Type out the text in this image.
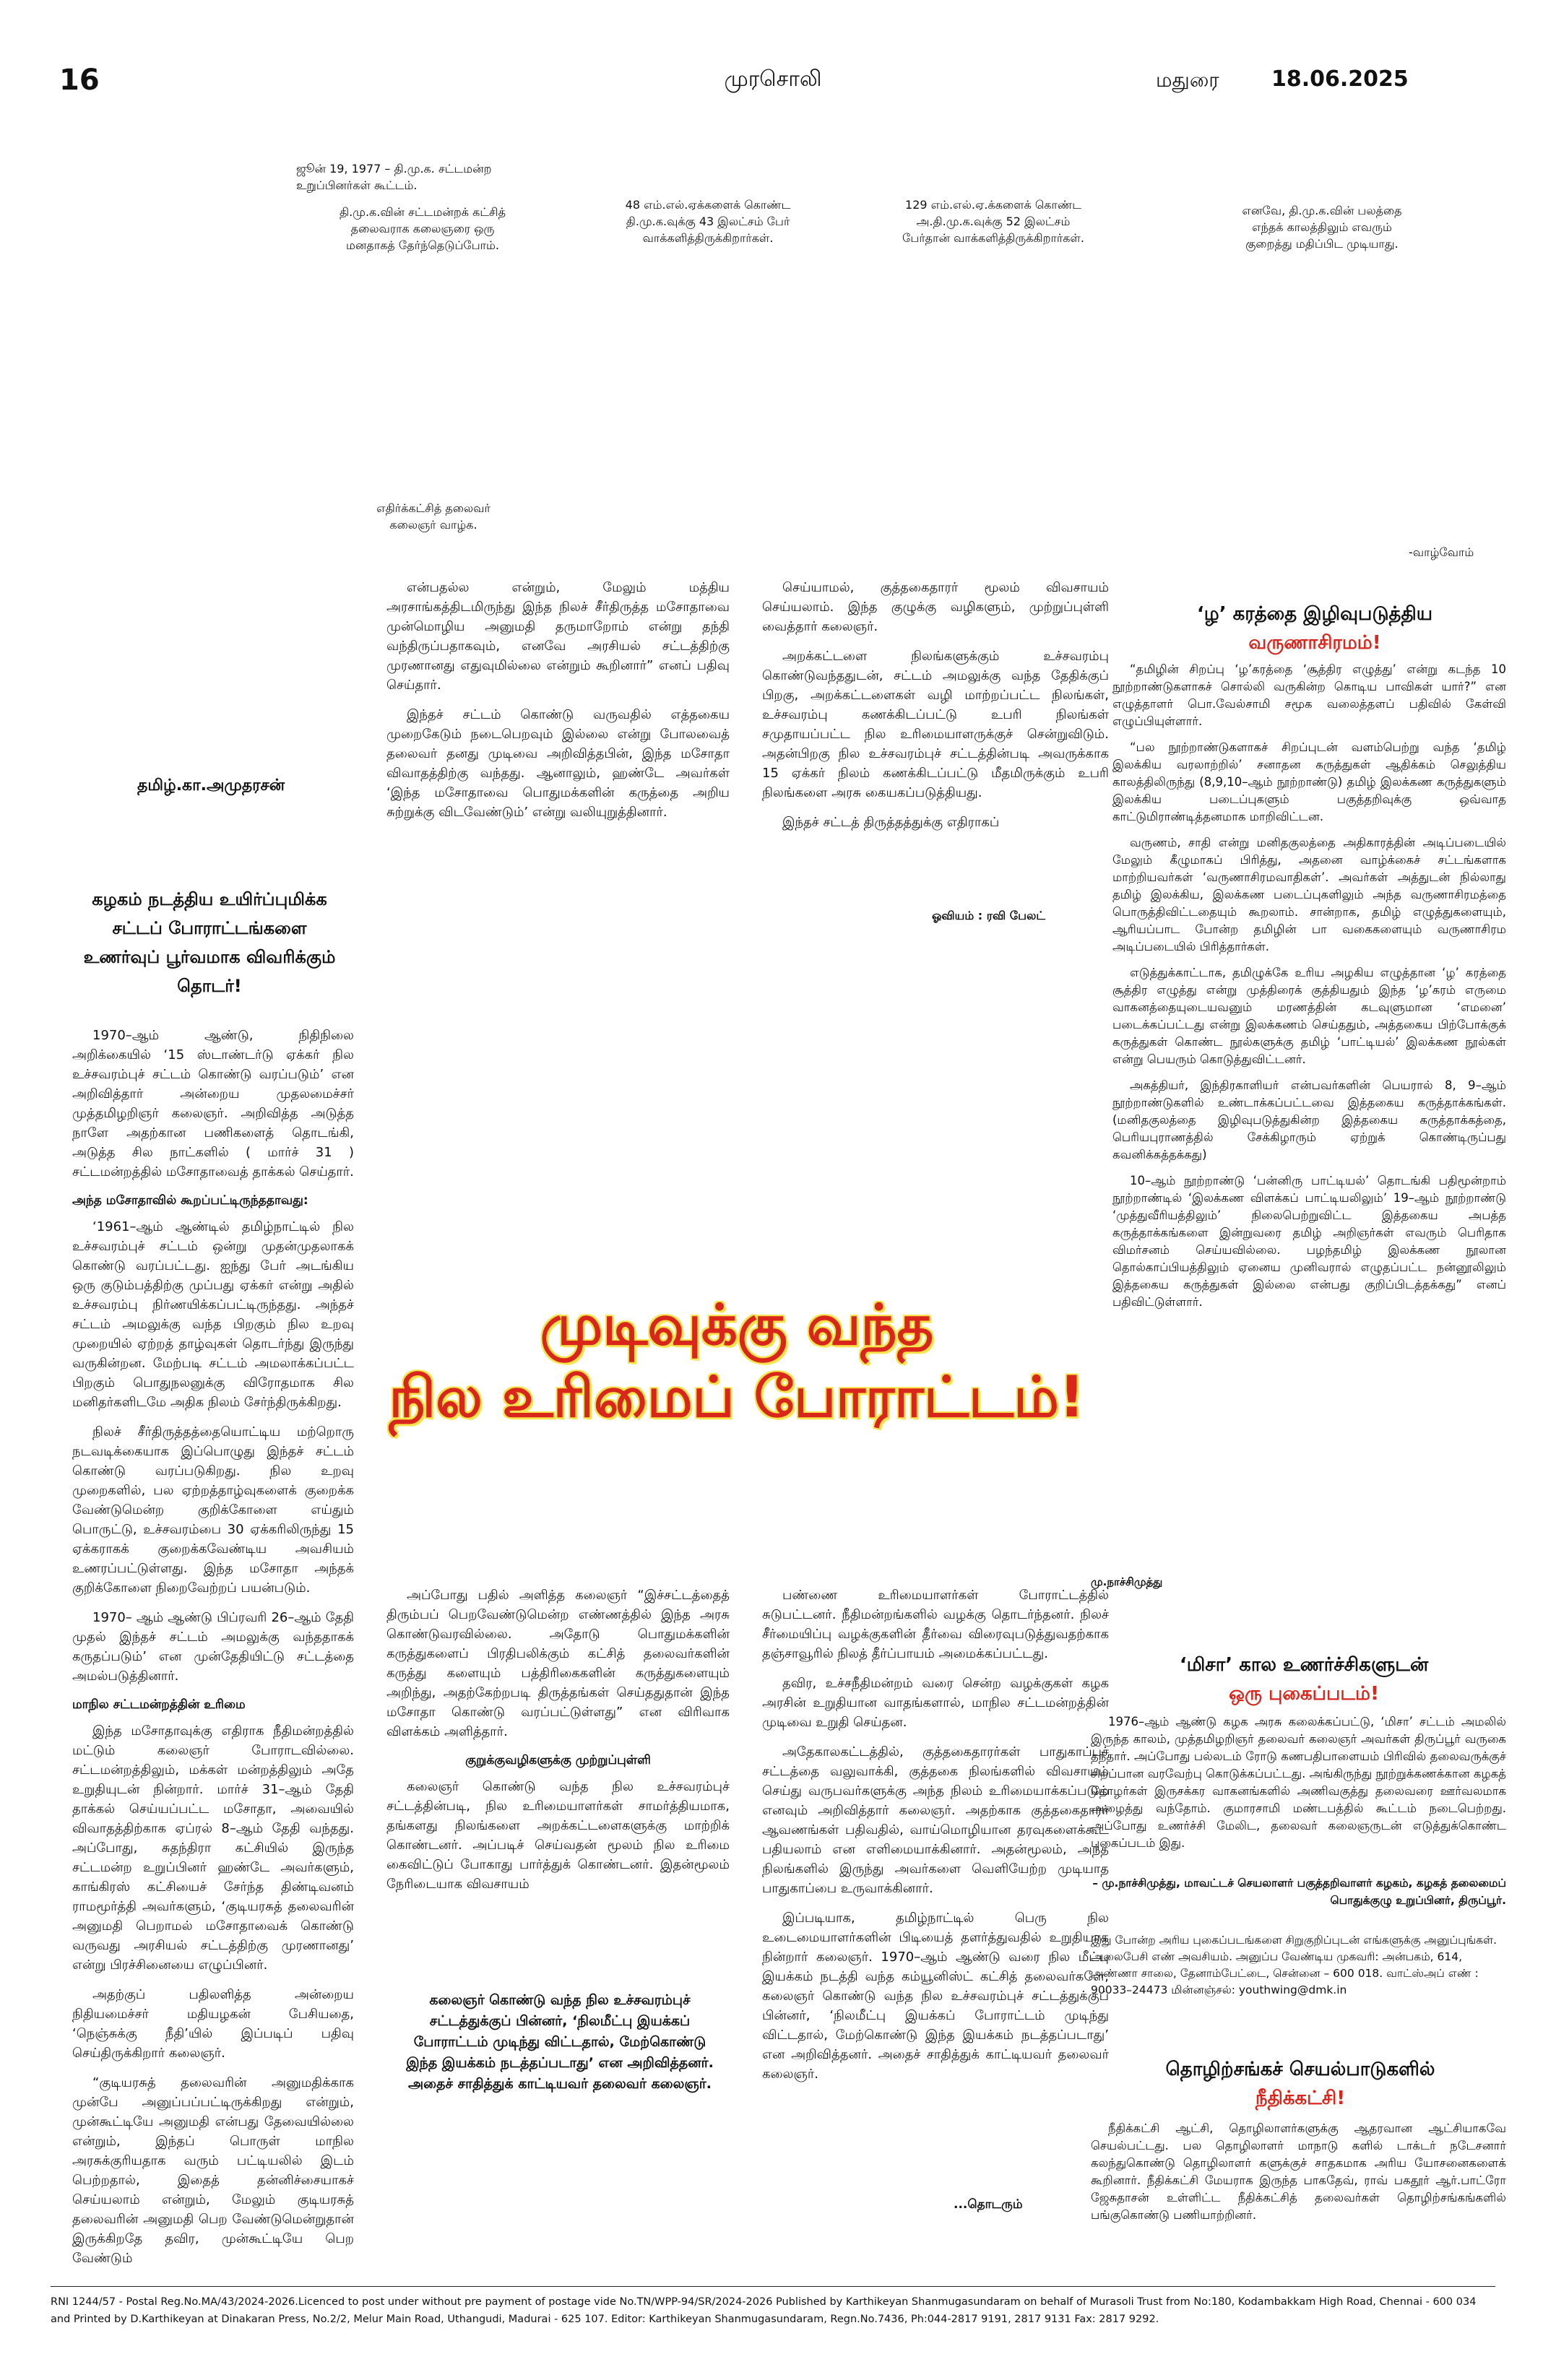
16	முரசொலி	மதுரை 18.06.2025
ஜூன் 19, 1977 – தி.மு.க. சட்டமன்ற உறுப்பினர்கள் கூட்டம்.
தி.மு.க.வின் சட்டமன்றக் கட்சித் தலைவராக கலைஞரை ஒரு மனதாகத் தேர்ந்தெடுப்போம்.
48 எம்.எல்.ஏக்களைக் கொண்ட தி.மு.க.வுக்கு 43 இலட்சம் பேர் வாக்களித்திருக்கிறார்கள்.
129 எம்.எல்.ஏ.க்களைக் கொண்ட அ.தி.மு.க.வுக்கு 52 இலட்சம் பேர்தான் வாக்களித்திருக்கிறார்கள்.
எனவே, தி.மு.க.வின் பலத்தை எந்தக் காலத்திலும் எவரும் குறைத்து மதிப்பிட முடியாது.
எதிர்க்கட்சித் தலைவர் கலைஞர் வாழ்க.
-வாழ்வோம்
தமிழ்.கா.அமுதரசன்
கழகம் நடத்திய உயிர்ப்புமிக்க சட்டப் போராட்டங்களை உணர்வுப் பூர்வமாக விவரிக்கும் தொடர்!

1970–ஆம் ஆண்டு, நிதிநிலை அறிக்கையில் ‘15 ஸ்டாண்டர்டு ஏக்கர் நில உச்சவரம்புச் சட்டம் கொண்டு வரப்படும்’ என அறிவித்தார் அன்றைய முதலமைச்சர் முத்தமிழறிஞர் கலைஞர். அறிவித்த அடுத்த நாளே அதற்கான பணிகளைத் தொடங்கி, அடுத்த சில நாட்களில் ( மார்ச் 31 ) சட்டமன்றத்தில் மசோதாவைத் தாக்கல் செய்தார்.

அந்த மசோதாவில் கூறப்பட்டிருந்ததாவது:

‘1961–ஆம் ஆண்டில் தமிழ்நாட்டில் நில உச்சவரம்புச் சட்டம் ஒன்று முதன்முதலாகக் கொண்டு வரப்பட்டது. ஐந்து பேர் அடங்கிய ஒரு குடும்பத்திற்கு முப்பது ஏக்கர் என்று அதில் உச்சவரம்பு நிர்ணயிக்கப்பட்டிருந்தது. அந்தச் சட்டம் அமலுக்கு வந்த பிறகும் நில உறவு முறையில் ஏற்றத் தாழ்வுகள் தொடர்ந்து இருந்து வருகின்றன. மேற்படி சட்டம் அமலாக்கப்பட்ட பிறகும் பொதுநலனுக்கு விரோதமாக சில மனிதர்களிடமே அதிக நிலம் சேர்ந்திருக்கிறது.

நிலச் சீர்திருத்தத்தையொட்டிய மற்றொரு நடவடிக்கையாக இப்பொழுது இந்தச் சட்டம் கொண்டு வரப்படுகிறது. நில உறவு முறைகளில், பல ஏற்றத்தாழ்வுகளைக் குறைக்க வேண்டுமென்ற குறிக்கோளை எய்தும் பொருட்டு, உச்சவரம்பை 30 ஏக்கரிலிருந்து 15 ஏக்கராகக் குறைக்கவேண்டிய அவசியம் உணரப்பட்டுள்ளது. இந்த மசோதா அந்தக் குறிக்கோளை நிறைவேற்றப் பயன்படும்.

1970– ஆம் ஆண்டு பிப்ரவரி 26–ஆம் தேதி முதல் இந்தச் சட்டம் அமலுக்கு வந்ததாகக் கருதப்படும்’ என முன்தேதியிட்டு சட்டத்தை அமல்படுத்தினார்.

மாநில சட்டமன்றத்தின் உரிமை

இந்த மசோதாவுக்கு எதிராக நீதிமன்றத்தில் மட்டும் கலைஞர் போராடவில்லை. சட்டமன்றத்திலும், மக்கள் மன்றத்திலும் அதே உறுதியுடன் நின்றார். மார்ச் 31–ஆம் தேதி தாக்கல் செய்யப்பட்ட மசோதா, அவையில் விவாதத்திற்காக ஏப்ரல் 8–ஆம் தேதி வந்தது. அப்போது, சுதந்திரா கட்சியில் இருந்த சட்டமன்ற உறுப்பினர் ஹண்டே அவர்களும், காங்கிரஸ் கட்சியைச் சேர்ந்த திண்டிவனம் ராமமூர்த்தி அவர்களும், ‘குடியரசுத் தலைவரின் அனுமதி பெறாமல் மசோதாவைக் கொண்டு வருவது அரசியல் சட்டத்திற்கு முரணானது’ என்று பிரச்சினையை எழுப்பினர்.

அதற்குப் பதிலளித்த அன்றைய நிதியமைச்சர் மதியழகன் பேசியதை, ‘நெஞ்சுக்கு நீதி’யில் இப்படிப் பதிவு செய்திருக்கிறார் கலைஞர்.

“குடியரசுத் தலைவரின் அனுமதிக்காக முன்பே அனுப்பப்பட்டிருக்கிறது என்றும், முன்கூட்டியே அனுமதி என்பது தேவையில்லை என்றும், இந்தப் பொருள் மாநில அரசுக்குரியதாக வரும் பட்டியலில் இடம் பெற்றதால், இதைத் தன்னிச்சையாகச் செய்யலாம் என்றும், மேலும் குடியரசுத் தலைவரின் அனுமதி பெற வேண்டுமென்றுதான் இருக்கிறதே தவிர, முன்கூட்டியே பெற வேண்டும்

என்பதல்ல என்றும், மேலும் மத்திய அரசாங்கத்திடமிருந்து இந்த நிலச் சீர்திருத்த மசோதாவை முன்மொழிய அனுமதி தருமாறோம் என்று தந்தி வந்திருப்பதாகவும், எனவே அரசியல் சட்டத்திற்கு முரணானது எதுவுமில்லை என்றும் கூறினார்” எனப் பதிவு செய்தார்.

இந்தச் சட்டம் கொண்டு வருவதில் எத்தகைய முறைகேடும் நடைபெறவும் இல்லை என்று போலவைத் தலைவர் தனது முடிவை அறிவித்தபின், இந்த மசோதா விவாதத்திற்கு வந்தது. ஆனாலும், ஹண்டே அவர்கள் ‘இந்த மசோதாவை பொதுமக்களின் கருத்தை அறிய சுற்றுக்கு விடவேண்டும்’ என்று வலியுறுத்தினார்.

செய்யாமல், குத்தகைதாரர் மூலம் விவசாயம் செய்யலாம். இந்த குழுக்கு வழிகளும், முற்றுப்புள்ளி வைத்தார் கலைஞர்.

அறக்கட்டளை நிலங்களுக்கும் உச்சவரம்பு கொண்டுவந்ததுடன், சட்டம் அமலுக்கு வந்த தேதிக்குப் பிறகு, அறக்கட்டளைகள் வழி மாற்றப்பட்ட நிலங்கள், உச்சவரம்பு கணக்கிடப்பட்டு உபரி நிலங்கள் சமுதாயப்பட்ட நில உரிமையாளருக்குச் சென்றுவிடும். அதன்பிறகு நில உச்சவரம்புச் சட்டத்தின்படி அவருக்காக 15 ஏக்கர் நிலம் கணக்கிடப்பட்டு மீதமிருக்கும் உபரி நிலங்களை அரசு கையகப்படுத்தியது.

இந்தச் சட்டத் திருத்தத்துக்கு எதிராகப்

ஓவியம் : ரவி பேலட்
முடிவுக்கு வந்த
நில உரிமைப் போராட்டம்!

அப்போது பதில் அளித்த கலைஞர் “இச்சட்டத்தைத் திரும்பப் பெறவேண்டுமென்ற எண்ணத்தில் இந்த அரசு கொண்டுவரவில்லை. அதோடு பொதுமக்களின் கருத்துகளைப் பிரதிபலிக்கும் கட்சித் தலைவர்களின் கருத்து களையும் பத்திரிகைகளின் கருத்துகளையும் அறிந்து, அதற்கேற்றபடி திருத்தங்கள் செய்ததுதான் இந்த மசோதா கொண்டு வரப்பட்டுள்ளது” என விரிவாக விளக்கம் அளித்தார்.

குறுக்குவழிகளுக்கு முற்றுப்புள்ளி

கலைஞர் கொண்டு வந்த நில உச்சவரம்புச் சட்டத்தின்படி, நில உரிமையாளர்கள் சாமர்த்தியமாக, தங்களது நிலங்களை அறக்கட்டளைகளுக்கு மாற்றிக் கொண்டனர். அப்படிச் செய்வதன் மூலம் நில உரிமை கைவிட்டுப் போகாது பார்த்துக் கொண்டனர். இதன்மூலம் நேரிடையாக விவசாயம்

கலைஞர் கொண்டு வந்த நில உச்சவரம்புச் சட்டத்துக்குப் பின்னர், ‘நிலமீட்பு இயக்கப் போராட்டம் முடிந்து விட்டதால், மேற்கொண்டு இந்த இயக்கம் நடத்தப்படாது’ என அறிவித்தனர். அதைச் சாதித்துக் காட்டியவர் தலைவர் கலைஞர்.

பண்ணை உரிமையாளர்கள் போராட்டத்தில் சுடுபட்டனர். நீதிமன்றங்களில் வழக்கு தொடர்ந்தனர். நிலச் சீர்மையிப்பு வழக்குகளின் தீர்வை விரைவுபடுத்துவதற்காக தஞ்சாவூரில் நிலத் தீர்ப்பாயம் அமைக்கப்பட்டது.

தவிர, உச்சநீதிமன்றம் வரை சென்ற வழக்குகள் கழக அரசின் உறுதியான வாதங்களால், மாநில சட்டமன்றத்தின் முடிவை உறுதி செய்தன.

அதேகாலகட்டத்தில், குத்தகைதாரர்கள் பாதுகாப்புச் சட்டத்தை வலுவாக்கி, குத்தகை நிலங்களில் விவசாயம் செய்து வருபவர்களுக்கு அந்த நிலம் உரிமையாக்கப்படும் எனவும் அறிவித்தார் கலைஞர். அதற்காக குத்தகைதாரர் ஆவணங்கள் பதிவதில், வாய்மொழியான தரவுகளைக்கூட பதியலாம் என எளிமையாக்கினார். அதன்மூலம், அந்த நிலங்களில் இருந்து அவர்களை வெளியேற்ற முடியாத பாதுகாப்பை உருவாக்கினார்.

இப்படியாக, தமிழ்நாட்டில் பெரு நில உடைமையாளர்களின் பிடியைத் தளர்த்துவதில் உறுதியாக நின்றார் கலைஞர். 1970–ஆம் ஆண்டு வரை நில மீட்பு இயக்கம் நடத்தி வந்த கம்யூனிஸ்ட் கட்சித் தலைவர்களே, கலைஞர் கொண்டு வந்த நில உச்சவரம்புச் சட்டத்துக்குப் பின்னர், ‘நிலமீட்பு இயக்கப் போராட்டம் முடிந்து விட்டதால், மேற்கொண்டு இந்த இயக்கம் நடத்தப்படாது’ என அறிவித்தனர். அதைச் சாதித்துக் காட்டியவர் தலைவர் கலைஞர்.

...தொடரும்
‘ழ’ கரத்தை இழிவுபடுத்திய
வருணாசிரமம்!

“தமிழின் சிறப்பு ‘ழ’கரத்தை ‘சூத்திர எழுத்து’ என்று கடந்த 10 நூற்றாண்டுகளாகச் சொல்லி வருகின்ற கொடிய பாவிகள் யார்?” என எழுத்தாளர் பொ.வேல்சாமி சமூக வலைத்தளப் பதிவில் கேள்வி எழுப்பியுள்ளார்.

“பல நூற்றாண்டுகளாகச் சிறப்புடன் வளம்பெற்று வந்த ‘தமிழ் இலக்கிய வரலாற்றில்’ சனாதன கருத்துகள் ஆதிக்கம் செலுத்திய காலத்திலிருந்து (8,9,10–ஆம் நூற்றாண்டு) தமிழ் இலக்கண கருத்துகளும் இலக்கிய படைப்புகளும் பகுத்தறிவுக்கு ஒவ்வாத காட்டுமிராண்டித்தனமாக மாறிவிட்டன.

வருணம், சாதி என்று மனிதகுலத்தை அதிகாரத்தின் அடிப்படையில் மேலும் கீழுமாகப் பிரித்து, அதனை வாழ்க்கைச் சட்டங்களாக மாற்றியவர்கள் ‘வருணாசிரமவாதிகள்’. அவர்கள் அத்துடன் நில்லாது தமிழ் இலக்கிய, இலக்கண படைப்புகளிலும் அந்த வருணாசிரமத்தை பொருத்திவிட்டதையும் கூறலாம். சான்றாக, தமிழ் எழுத்துகளையும், ஆரியப்பாட போன்ற தமிழின் பா வகைகளையும் வருணாசிரம அடிப்படையில் பிரித்தார்கள்.

எடுத்துக்காட்டாக, தமிழுக்கே உரிய அழகிய எழுத்தான ‘ழ’ கரத்தை சூத்திர எழுத்து என்று முத்திரைக் குத்தியதும் இந்த ‘ழ’கரம் எருமை வாகனத்தையுடையவனும் மரணத்தின் கடவுளுமான ‘எமனை’ படைக்கப்பட்டது என்று இலக்கணம் செய்ததும், அத்தகைய பிற்போக்குக் கருத்துகள் கொண்ட நூல்களுக்கு தமிழ் ‘பாட்டியல்’ இலக்கண நூல்கள் என்று பெயரும் கொடுத்துவிட்டனர்.

அகத்தியர், இந்திரகாளியர் என்பவர்களின் பெயரால் 8, 9–ஆம் நூற்றாண்டுகளில் உண்டாக்கப்பட்டவை இத்தகைய கருத்தாக்கங்கள். (மனிதகுலத்தை இழிவுபடுத்துகின்ற இத்தகைய கருத்தாக்கத்தை, பெரியபுராணத்தில் சேக்கிழாரும் ஏற்றுக் கொண்டிருப்பது கவனிக்கத்தக்கது)

10–ஆம் நூற்றாண்டு ‘பன்னிரு பாட்டியல்’ தொடங்கி பதிமூன்றாம் நூற்றாண்டில் ‘இலக்கண விளக்கப் பாட்டியலிலும்’ 19–ஆம் நூற்றாண்டு ‘முத்துவீரியத்திலும்’ நிலைபெற்றுவிட்ட இத்தகைய அபத்த கருத்தாக்கங்களை இன்றுவரை தமிழ் அறிஞர்கள் எவரும் பெரிதாக விமர்சனம் செய்யவில்லை. பழந்தமிழ் இலக்கண நூலான தொல்காப்பியத்திலும் ஏனைய முனிவரால் எழுதப்பட்ட நன்னூலிலும் இத்தகைய கருத்துகள் இல்லை என்பது குறிப்பிடத்தக்கது” எனப் பதிவிட்டுள்ளார்.

மு.நாச்சிமுத்து
‘மிசா’ கால உணர்ச்சிகளுடன்
ஒரு புகைப்படம்!

1976–ஆம் ஆண்டு கழக அரசு கலைக்கப்பட்டு, ‘மிசா’ சட்டம் அமலில் இருந்த காலம், முத்தமிழறிஞர் தலைவர் கலைஞர் அவர்கள் திருப்பூர் வருகை தந்தார். அப்போது பல்லடம் ரோடு கணபதிபாளையம் பிரிவில் தலைவருக்குச் சிறப்பான வரவேற்பு கொடுக்கப்பட்டது. அங்கிருந்து நூற்றுக்கணக்கான கழகத் தோழர்கள் இருசக்கர வாகனங்களில் அணிவகுத்து தலைவரை ஊர்வலமாக அழைத்து வந்தோம். குமாரசாமி மண்டபத்தில் கூட்டம் நடைபெற்றது. அப்போது உணர்ச்சி மேலிட, தலைவர் கலைஞருடன் எடுத்துக்கொண்ட புகைப்படம் இது.

– மு.நாச்சிமுத்து, மாவட்டச் செயலாளர் பகுத்தறிவாளர் கழகம், கழகத் தலைமைப் பொதுக்குழு உறுப்பினர், திருப்பூர்.
இது போன்ற அரிய புகைப்படங்களை சிறுகுறிப்புடன் எங்களுக்கு அனுப்புங்கள். அலைபேசி எண் அவசியம். அனுப்ப வேண்டிய முகவரி: அன்பகம், 614, அண்ணா சாலை, தேனாம்பேட்டை, சென்னை – 600 018. வாட்ஸ்அப் எண் : 90033–24473 மின்னஞ்சல்: youthwing@dmk.in
தொழிற்சங்கச் செயல்பாடுகளில்
நீதிக்கட்சி!

நீதிக்கட்சி ஆட்சி, தொழிலாளர்களுக்கு ஆதரவான ஆட்சியாகவே செயல்பட்டது. பல தொழிலாளர் மாநாடு களில் டாக்டர் நடேசனார் கலந்துகொண்டு தொழிலாளர் களுக்குச் சாதகமாக அரிய யோசனைகளைக் கூறினார். நீதிக்கட்சி மேயராக இருந்த பாகதேவ், ராவ் பகதூர் ஆர்.பாட்ரோ ஜேசுதாசன் உள்ளிட்ட நீதிக்கட்சித் தலைவர்கள் தொழிற்சங்கங்களில் பங்குகொண்டு பணியாற்றினர்.

RNI 1244/57 - Postal Reg.No.MA/43/2024-2026.Licenced to post under without pre payment of postage vide No.TN/WPP-94/SR/2024-2026 Published by Karthikeyan Shanmugasundaram on behalf of Murasoli Trust from No:180, Kodambakkam High Road, Chennai - 600 034
and Printed by D.Karthikeyan at Dinakaran Press, No.2/2, Melur Main Road, Uthangudi, Madurai - 625 107. Editor: Karthikeyan Shanmugasundaram, Regn.No.7436, Ph:044-2817 9191, 2817 9131 Fax: 2817 9292.
